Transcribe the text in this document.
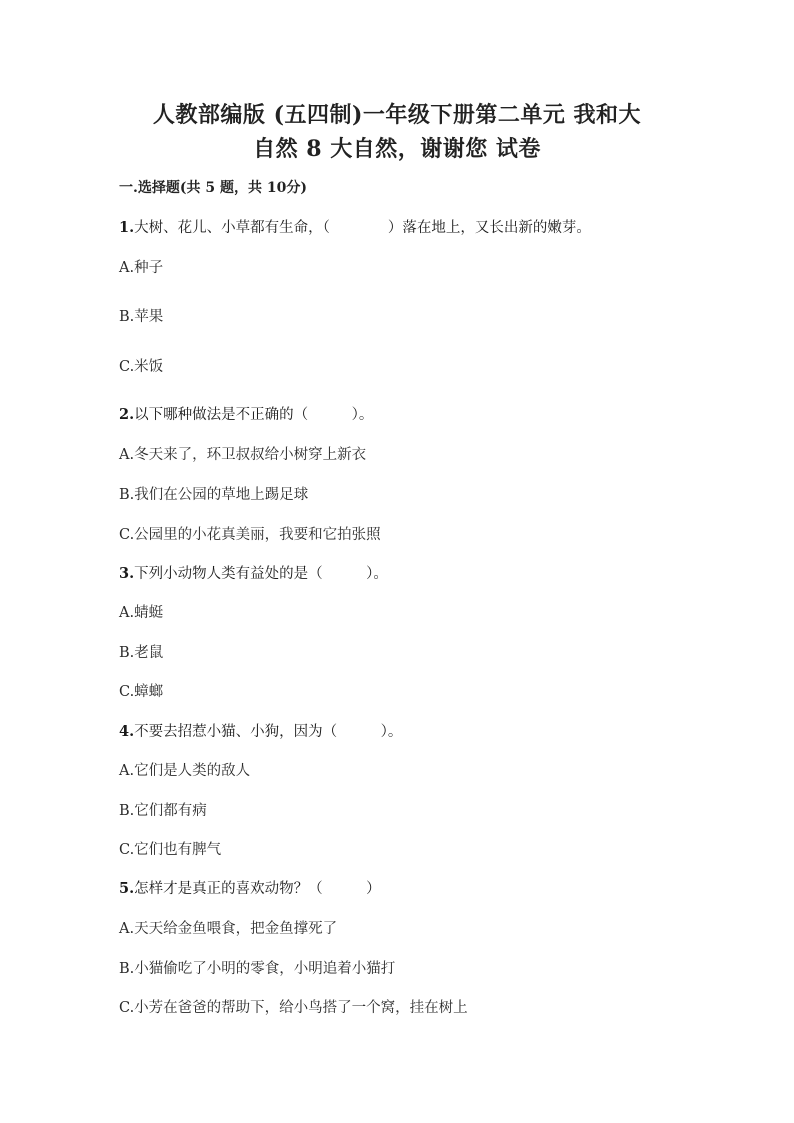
人教部编版 (五四制)一年级下册第二单元 我和大
自然 8 大自然，谢谢您 试卷
一.选择题(共 5 题，共 10分)
1.大树、花儿、小草都有生命，（　　　　）落在地上，又长出新的嫩芽。
A.种子
B.苹果
C.米饭
2.以下哪种做法是不正确的（　　　）。
A.冬天来了，环卫叔叔给小树穿上新衣
B.我们在公园的草地上踢足球
C.公园里的小花真美丽，我要和它拍张照
3.下列小动物人类有益处的是（　　　）。
A.蜻蜓
B.老鼠
C.蟑螂
4.不要去招惹小猫、小狗，因为（　　　）。
A.它们是人类的敌人
B.它们都有病
C.它们也有脾气
5.怎样才是真正的喜欢动物？（　　　）
A.天天给金鱼喂食，把金鱼撑死了
B.小猫偷吃了小明的零食，小明追着小猫打
C.小芳在爸爸的帮助下，给小鸟搭了一个窝，挂在树上
